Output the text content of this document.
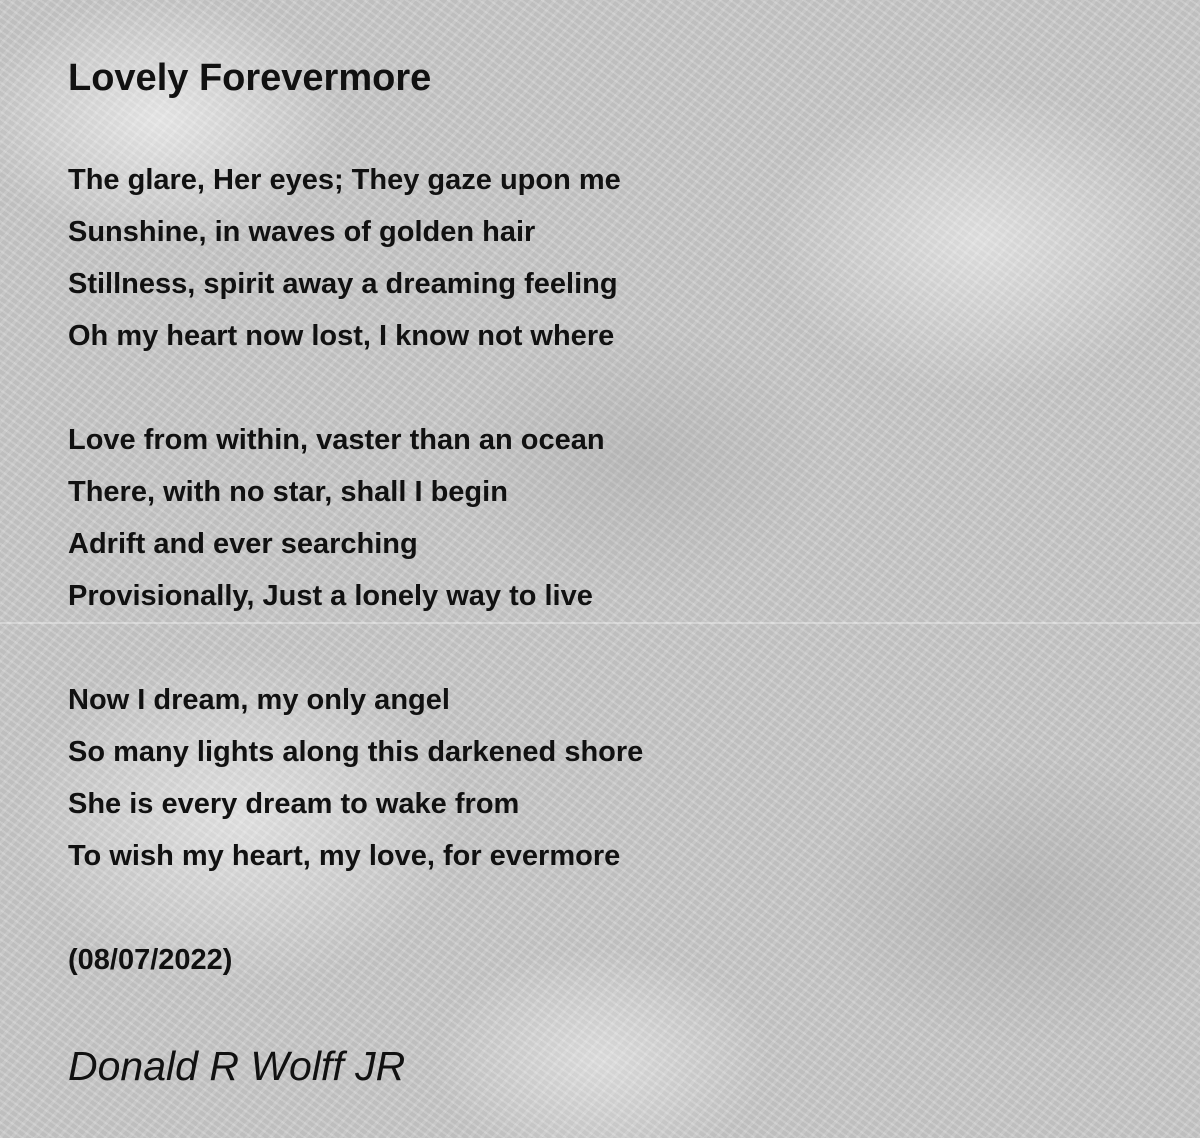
Lovely Forevermore
The glare, Her eyes; They gaze upon me
Sunshine, in waves of golden hair
Stillness, spirit away a dreaming feeling
Oh my heart now lost, I know not where
Love from within, vaster than an ocean
There, with no star, shall I begin
Adrift and ever searching
Provisionally, Just a lonely way to live
Now I dream, my only angel
So many lights along this darkened shore
She is every dream to wake from
To wish my heart, my love, for evermore
(08/07/2022)
Donald R Wolff JR
